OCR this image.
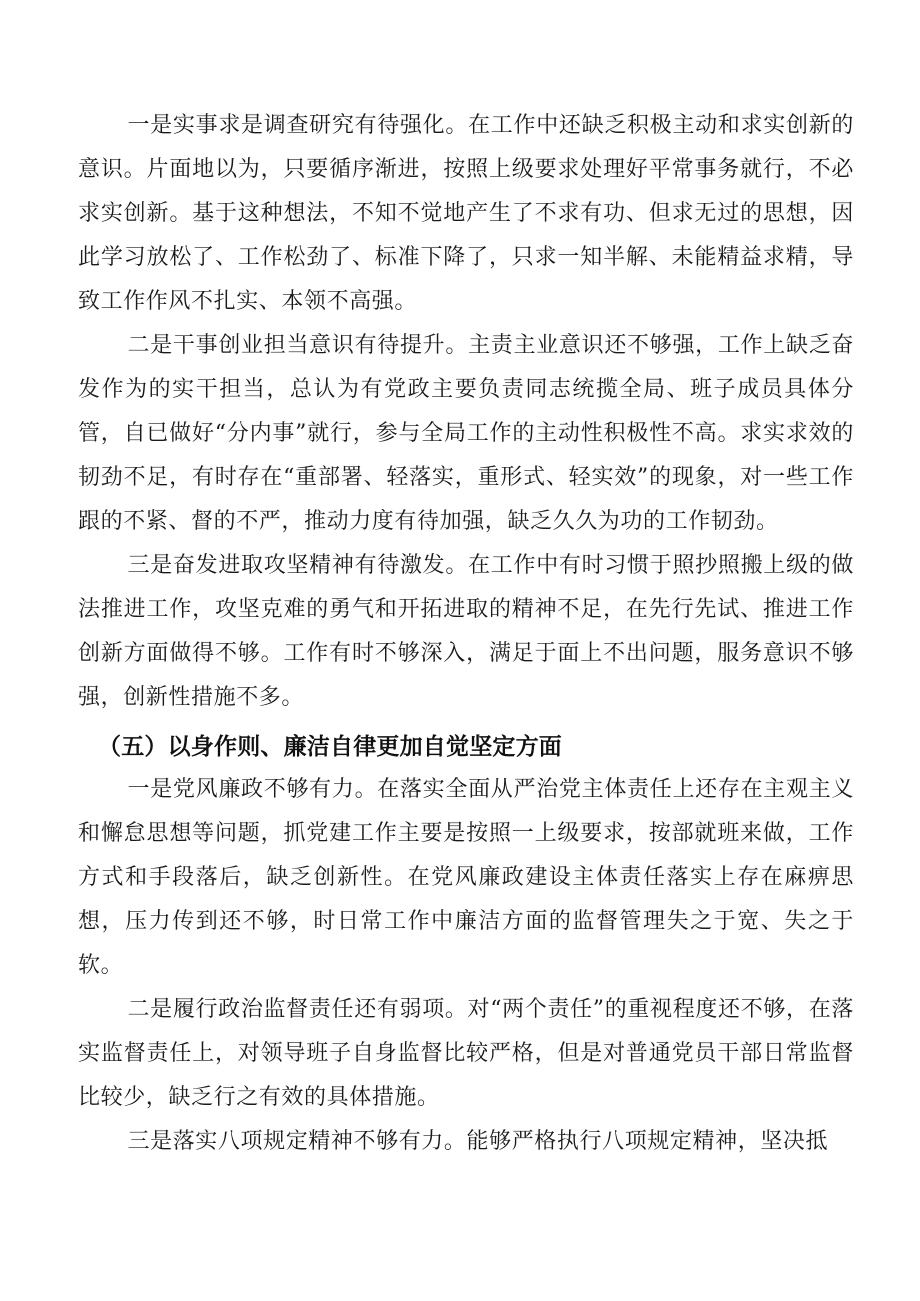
一是实事求是调查研究有待强化。在工作中还缺乏积极主动和求实创新的意识。片面地以为，只要循序渐进，按照上级要求处理好平常事务就行，不必求实创新。基于这种想法，不知不觉地产生了不求有功、但求无过的思想，因此学习放松了、工作松劲了、标准下降了，只求一知半解、未能精益求精，导致工作作风不扎实、本领不高强。

二是干事创业担当意识有待提升。主责主业意识还不够强，工作上缺乏奋发作为的实干担当，总认为有党政主要负责同志统揽全局、班子成员具体分管，自已做好“分内事”就行，参与全局工作的主动性积极性不高。求实求效的韧劲不足，有时存在“重部署、轻落实，重形式、轻实效”的现象，对一些工作跟的不紧、督的不严，推动力度有待加强，缺乏久久为功的工作韧劲。

三是奋发进取攻坚精神有待激发。在工作中有时习惯于照抄照搬上级的做法推进工作，攻坚克难的勇气和开拓进取的精神不足，在先行先试、推进工作创新方面做得不够。工作有时不够深入，满足于面上不出问题，服务意识不够强，创新性措施不多。

（五）以身作则、廉洁自律更加自觉坚定方面

一是党风廉政不够有力。在落实全面从严治党主体责任上还存在主观主义和懈怠思想等问题，抓党建工作主要是按照一上级要求，按部就班来做，工作方式和手段落后，缺乏创新性。在党风廉政建设主体责任落实上存在麻痹思想，压力传到还不够，时日常工作中廉洁方面的监督管理失之于宽、失之于软。

二是履行政治监督责任还有弱项。对“两个责任”的重视程度还不够，在落实监督责任上，对领导班子自身监督比较严格，但是对普通党员干部日常监督比较少，缺乏行之有效的具体措施。

三是落实八项规定精神不够有力。能够严格执行八项规定精神，坚决抵
